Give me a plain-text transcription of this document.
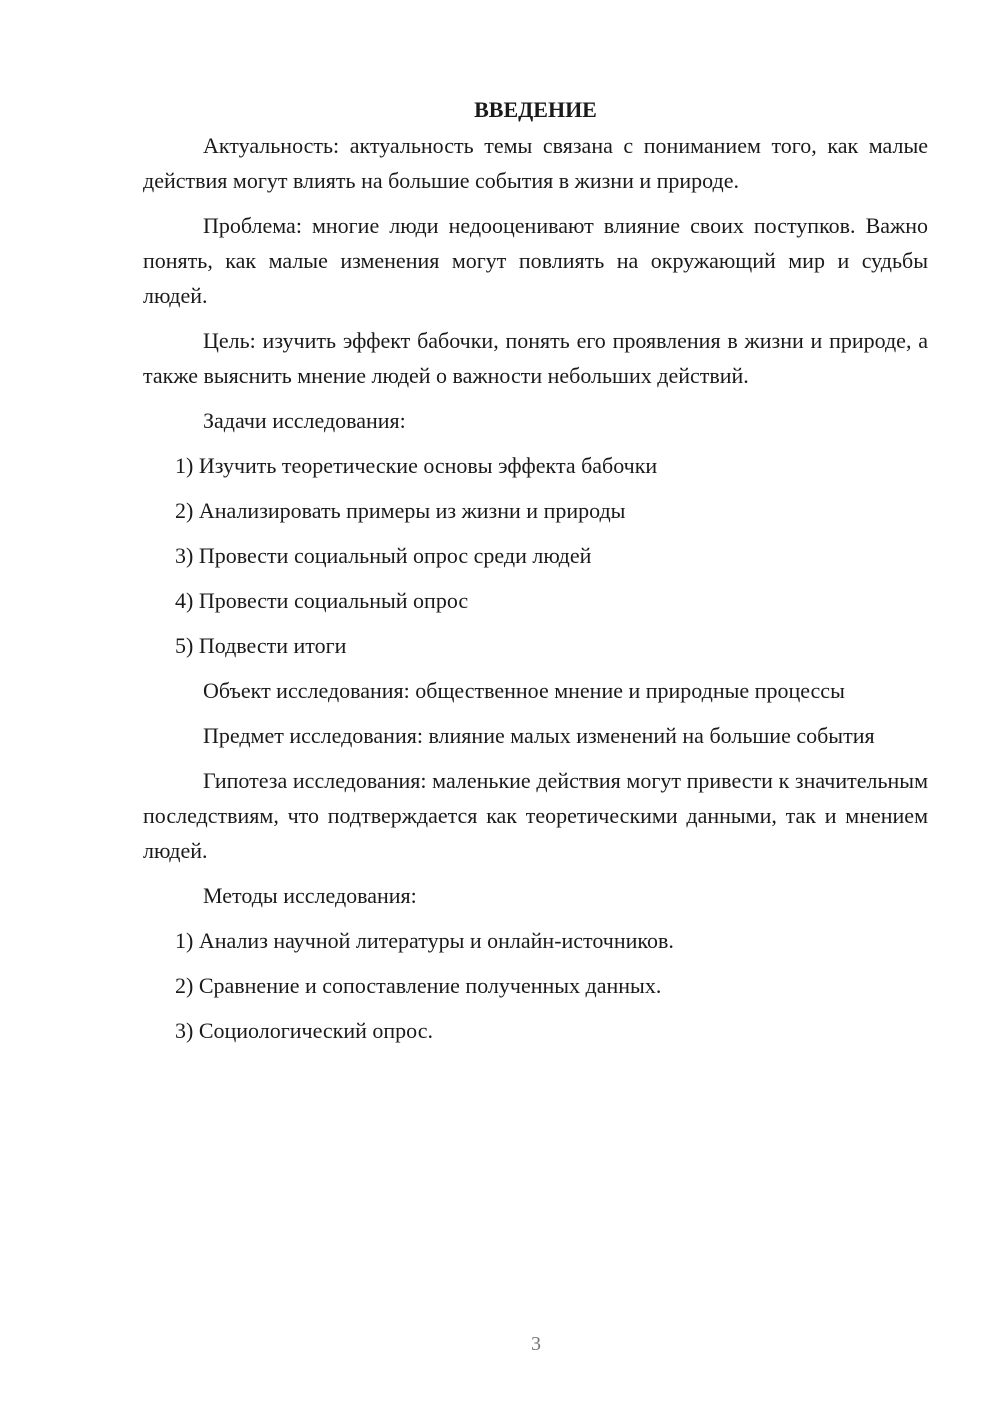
ВВЕДЕНИЕ

Актуальность: актуальность темы связана с пониманием того, как малые действия могут влиять на большие события в жизни и природе.

Проблема: многие люди недооценивают влияние своих поступков. Важно понять, как малые изменения могут повлиять на окружающий мир и судьбы людей.

Цель: изучить эффект бабочки, понять его проявления в жизни и природе, а также выяснить мнение людей о важности небольших действий.

Задачи исследования:
1) Изучить теоретические основы эффекта бабочки
2) Анализировать примеры из жизни и природы
3) Провести социальный опрос среди людей
4) Провести социальный опрос
5) Подвести итоги
Объект исследования: общественное мнение и природные процессы

Предмет исследования: влияние малых изменений на большие события

Гипотеза исследования: маленькие действия могут привести к значительным последствиям, что подтверждается как теоретическими данными, так и мнением людей.

Методы исследования:
1) Анализ научной литературы и онлайн-источников.
2) Сравнение и сопоставление полученных данных.
3) Социологический опрос.
3
